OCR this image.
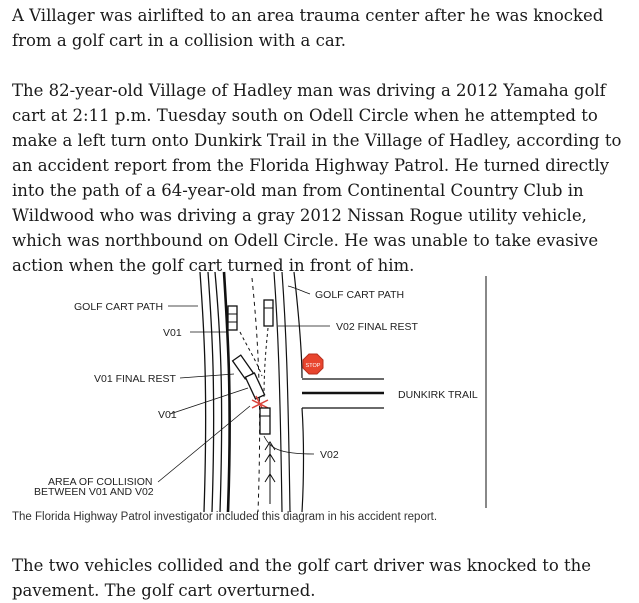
A Villager was airlifted to an area trauma center after he was knocked from a golf cart in a collision with a car.

The 82-year-old Village of Hadley man was driving a 2012 Yamaha golf cart at 2:11 p.m. Tuesday south on Odell Circle when he attempted to make a left turn onto Dunkirk Trail in the Village of Hadley, according to an accident report from the Florida Highway Patrol. He turned directly into the path of a 64-year-old man from Continental Country Club in Wildwood who was driving a gray 2012 Nissan Rogue utility vehicle, which was northbound on Odell Circle. He was unable to take evasive action when the golf cart turned in front of him.

STOP
GOLF CART PATH
GOLF CART PATH
V01	V02 FINAL REST
V01 FINAL REST
DUNKIRK TRAIL
V01
V02
AREA OF COLLISION
BETWEEN V01 AND V02

The Florida Highway Patrol investigator included this diagram in his accident report.

The two vehicles collided and the golf cart driver was knocked to the pavement. The golf cart overturned.
